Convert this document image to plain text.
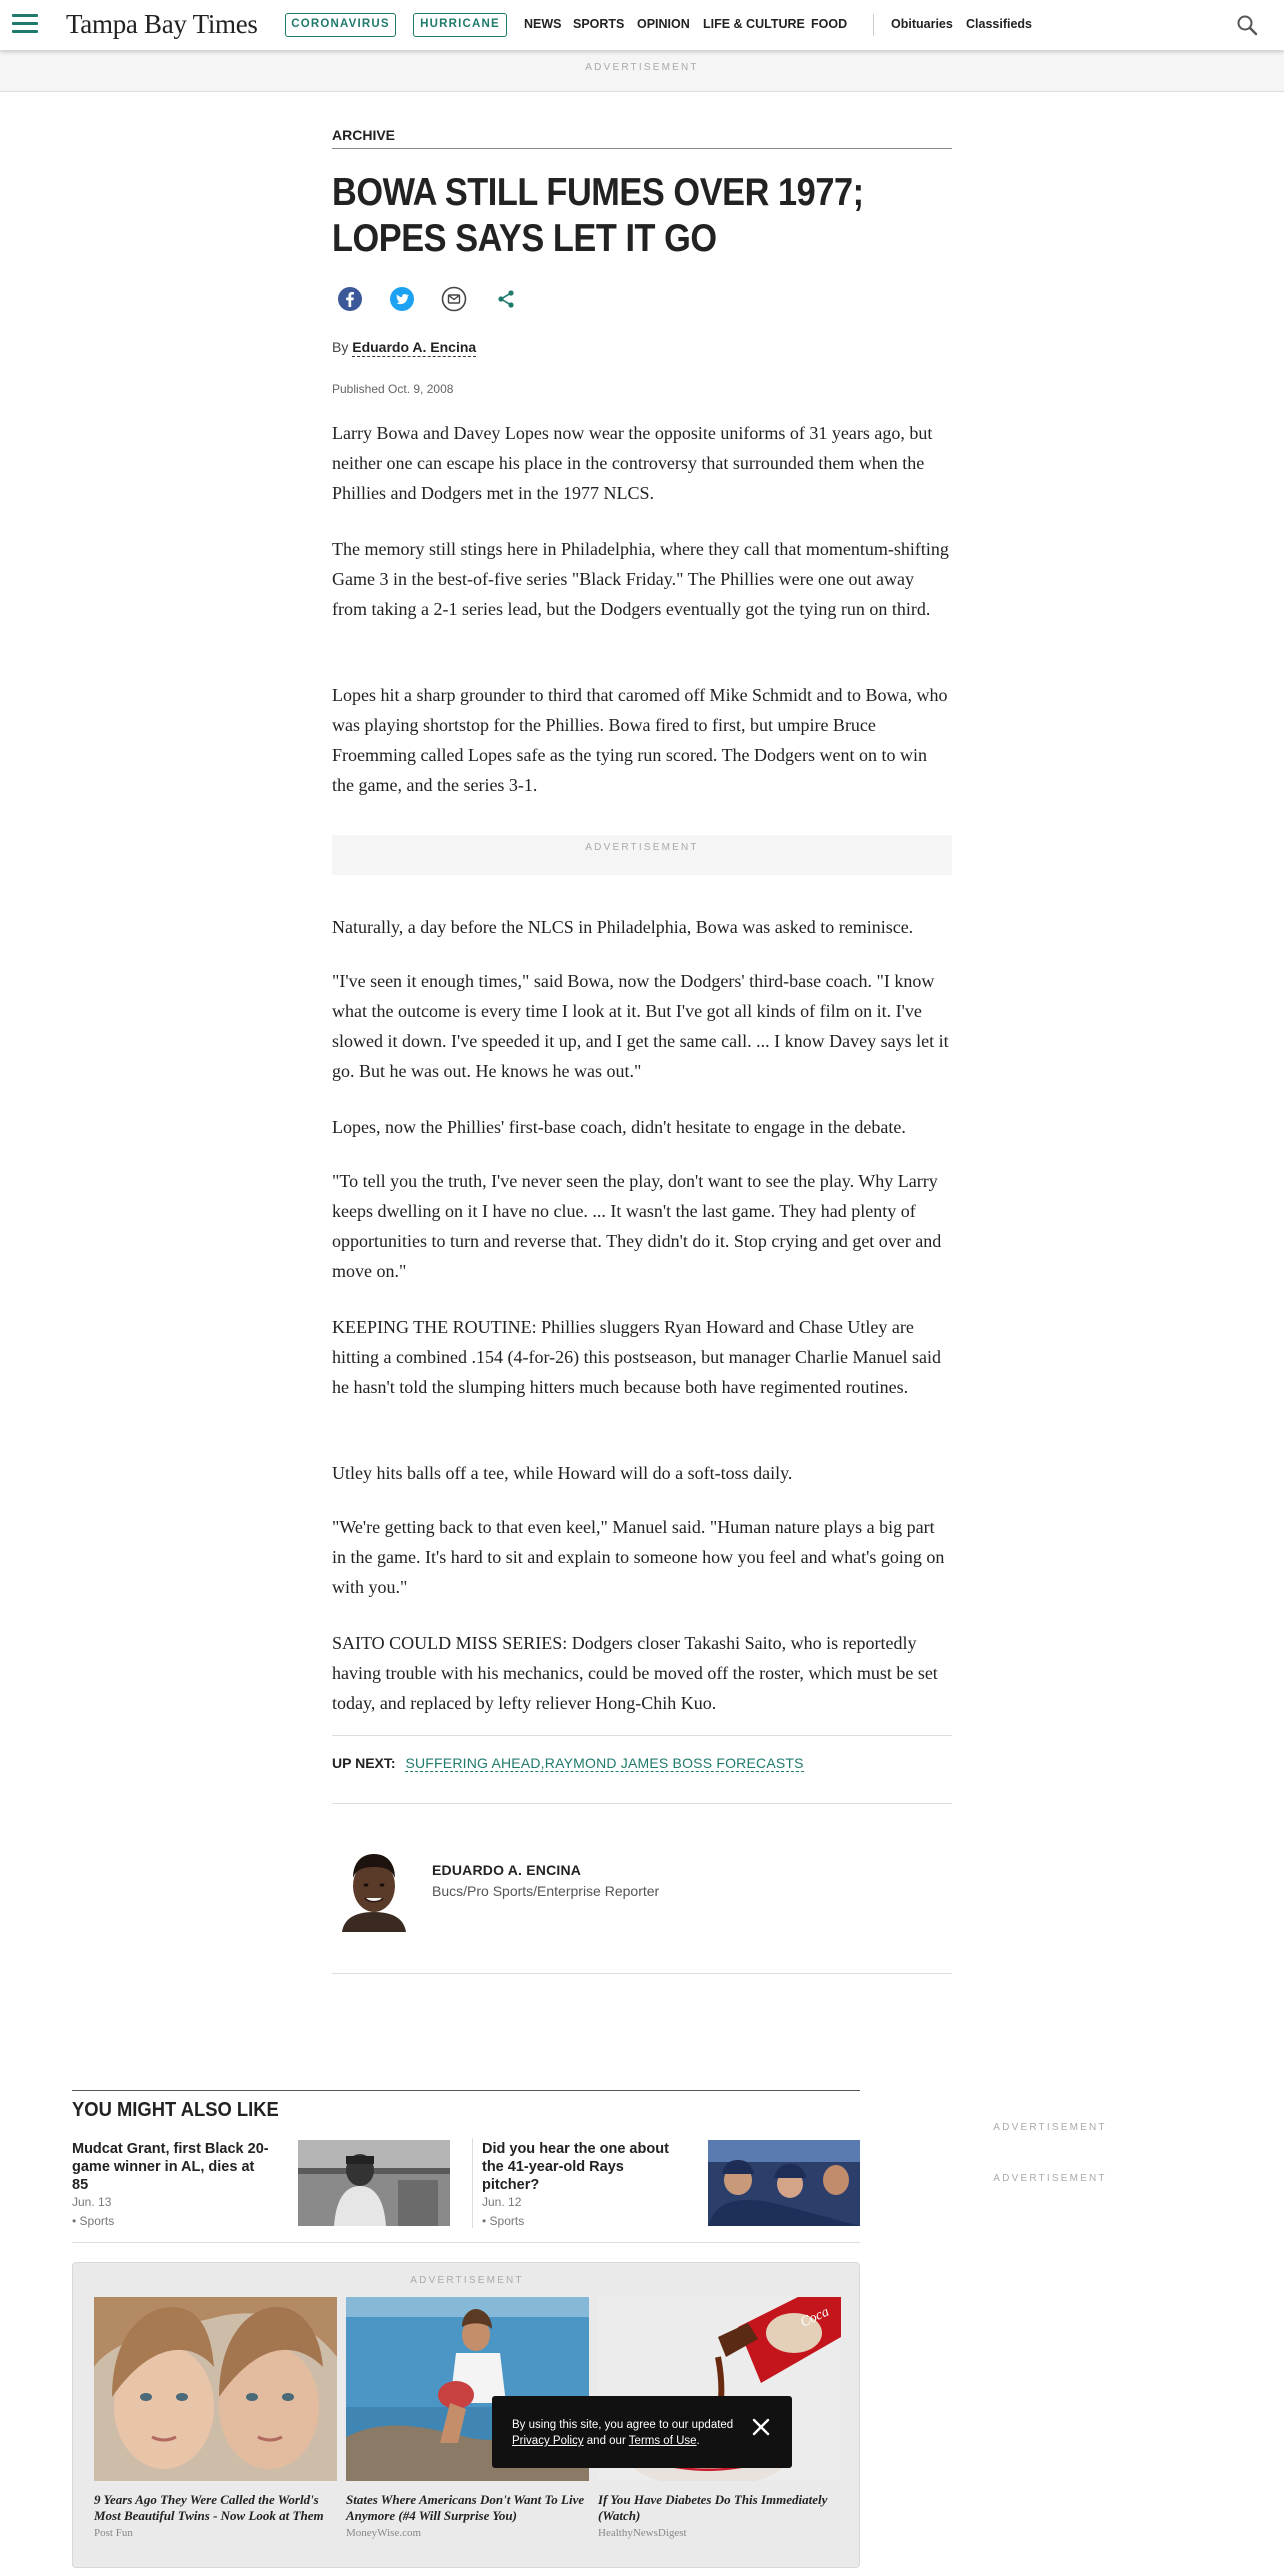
Tampa Bay Times	CORONAVIRUS	HURRICANE	NEWS SPORTS OPINION LIFE & CULTURE FOOD	Obituaries Classifieds
ADVERTISEMENT
ARCHIVE
BOWA STILL FUMES OVER 1977; LOPES SAYS LET IT GO
By Eduardo A. Encina
Published Oct. 9, 2008

Larry Bowa and Davey Lopes now wear the opposite uniforms of 31 years ago, but neither one can escape his place in the controversy that surrounded them when the Phillies and Dodgers met in the 1977 NLCS.

The memory still stings here in Philadelphia, where they call that momentum-shifting Game 3 in the best-of-five series "Black Friday." The Phillies were one out away from taking a 2-1 series lead, but the Dodgers eventually got the tying run on third.

Lopes hit a sharp grounder to third that caromed off Mike Schmidt and to Bowa, who was playing shortstop for the Phillies. Bowa fired to first, but umpire Bruce Froemming called Lopes safe as the tying run scored. The Dodgers went on to win the game, and the series 3-1.

ADVERTISEMENT

Naturally, a day before the NLCS in Philadelphia, Bowa was asked to reminisce.

"I've seen it enough times," said Bowa, now the Dodgers' third-base coach. "I know what the outcome is every time I look at it. But I've got all kinds of film on it. I've slowed it down. I've speeded it up, and I get the same call. ... I know Davey says let it go. But he was out. He knows he was out."

Lopes, now the Phillies' first-base coach, didn't hesitate to engage in the debate.

"To tell you the truth, I've never seen the play, don't want to see the play. Why Larry keeps dwelling on it I have no clue. ... It wasn't the last game. They had plenty of opportunities to turn and reverse that. They didn't do it. Stop crying and get over and move on."

KEEPING THE ROUTINE: Phillies sluggers Ryan Howard and Chase Utley are hitting a combined .154 (4-for-26) this postseason, but manager Charlie Manuel said he hasn't told the slumping hitters much because both have regimented routines.

Utley hits balls off a tee, while Howard will do a soft-toss daily.

"We're getting back to that even keel," Manuel said. "Human nature plays a big part in the game. It's hard to sit and explain to someone how you feel and what's going on with you."

SAITO COULD MISS SERIES: Dodgers closer Takashi Saito, who is reportedly having trouble with his mechanics, could be moved off the roster, which must be set today, and replaced by lefty reliever Hong-Chih Kuo.

UP NEXT: SUFFERING AHEAD,RAYMOND JAMES BOSS FORECASTS
EDUARDO A. ENCINA
Bucs/Pro Sports/Enterprise Reporter
YOU MIGHT ALSO LIKE
Mudcat Grant, first Black 20-game winner in AL, dies at 85
Jun. 13
• Sports
Did you hear the one about the 41-year-old Rays pitcher?
Jun. 12
• Sports
ADVERTISEMENT
ADVERTISEMENT
ADVERTISEMENT
9 Years Ago They Were Called the World's Most Beautiful Twins - Now Look at Them
Post Fun
States Where Americans Don't Want To Live Anymore (#4 Will Surprise You)
MoneyWise.com
Coca
If You Have Diabetes Do This Immediately (Watch)
HealthyNewsDigest
By using this site, you agree to our updated Privacy Policy and our Terms of Use.
